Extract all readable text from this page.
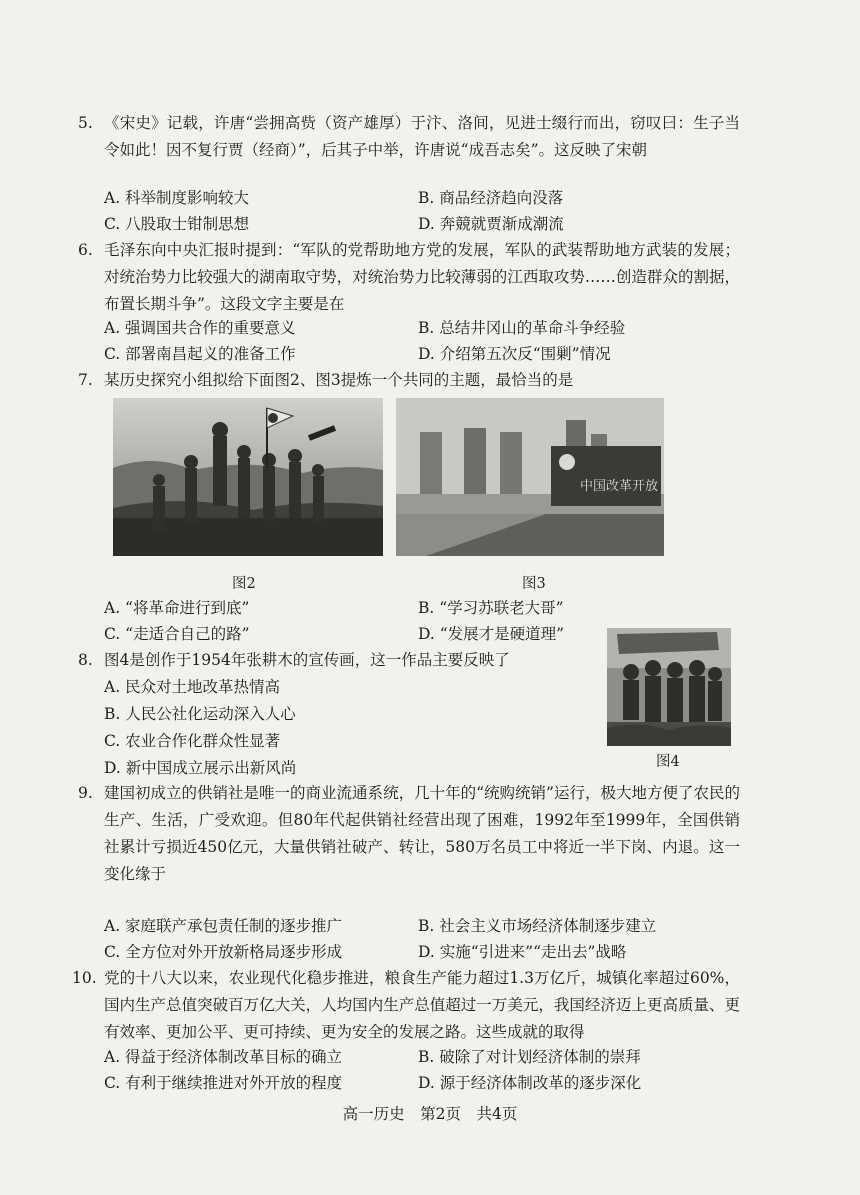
5. 《宋史》记载，许唐“尝拥高赀（资产雄厚）于汴、洛间，见进士缀行而出，窃叹曰：生子当令如此！因不复行贾（经商）”，后其子中举，许唐说“成吾志矣”。这反映了宋朝
A. 科举制度影响较大	B. 商品经济趋向没落
C. 八股取士钳制思想	D. 奔競就贾渐成潮流
6. 毛泽东向中央汇报时提到：“军队的党帮助地方党的发展，军队的武装帮助地方武装的发展；对统治势力比较强大的湖南取守势，对统治势力比较薄弱的江西取攻势……创造群众的割据，布置长期斗争”。这段文字主要是在
A. 强调国共合作的重要意义	B. 总结井冈山的革命斗争经验
C. 部署南昌起义的准备工作	D. 介绍第五次反“围剿”情况
7. 某历史探究小组拟给下面图2、图3提炼一个共同的主题，最恰当的是
中国改革开放
图2	图3
A. “将革命进行到底”	B. “学习苏联老大哥”
C. “走适合自己的路”	D. “发展才是硬道理”
8. 图4是创作于1954年张耕木的宣传画，这一作品主要反映了
A. 民众对土地改革热情高
B. 人民公社化运动深入人心
C. 农业合作化群众性显著
D. 新中国成立展示出新风尚	图4
9. 建国初成立的供销社是唯一的商业流通系统，几十年的“统购统销”运行，极大地方便了农民的生产、生活，广受欢迎。但80年代起供销社经营出现了困难，1992年至1999年，全国供销社累计亏损近450亿元，大量供销社破产、转让，580万名员工中将近一半下岗、内退。这一变化缘于
A. 家庭联产承包责任制的逐步推广	B. 社会主义市场经济体制逐步建立
C. 全方位对外开放新格局逐步形成	D. 实施“引进来”“走出去”战略
10. 党的十八大以来，农业现代化稳步推进，粮食生产能力超过1.3万亿斤，城镇化率超过60%，国内生产总值突破百万亿大关，人均国内生产总值超过一万美元，我国经济迈上更高质量、更有效率、更加公平、更可持续、更为安全的发展之路。这些成就的取得
A. 得益于经济体制改革目标的确立	B. 破除了对计划经济体制的崇拜
C. 有利于继续推进对外开放的程度	D. 源于经济体制改革的逐步深化
高一历史　第2页　共4页
